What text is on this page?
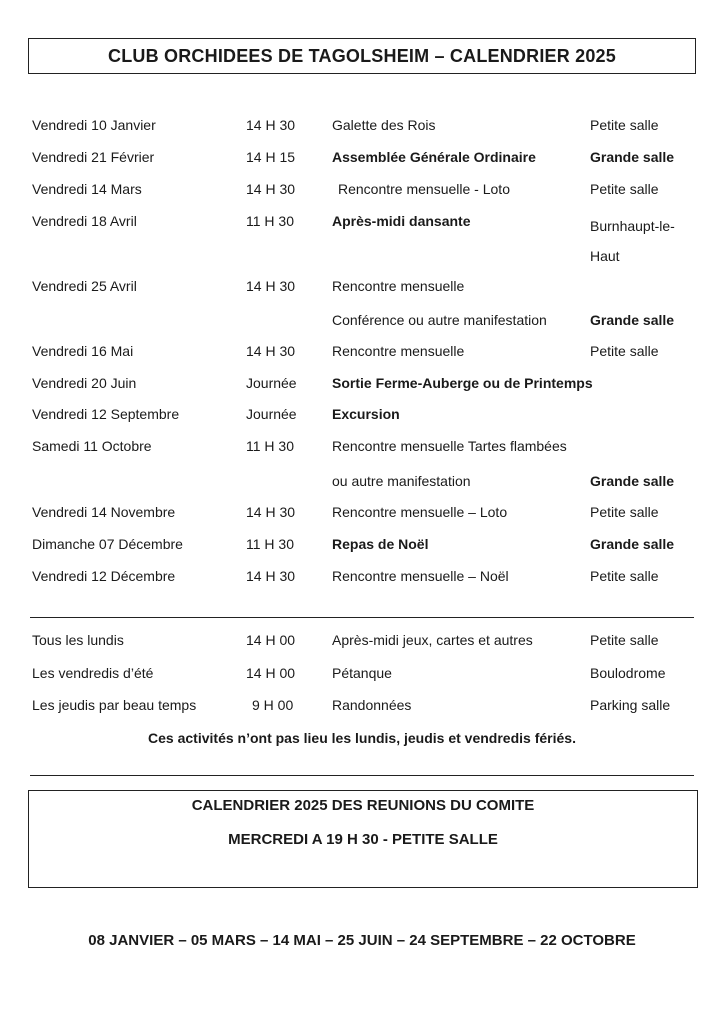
CLUB ORCHIDEES DE TAGOLSHEIM – CALENDRIER 2025
Vendredi 10 Janvier	14 H 30	Galette des Rois	Petite salle
Vendredi 21 Février	14 H 15	Assemblée Générale Ordinaire	Grande salle
Vendredi 14 Mars	14 H 30	Rencontre mensuelle - Loto	Petite salle
Vendredi 18 Avril	11 H 30	Après-midi dansante	Burnhaupt-le-
Haut
Vendredi 25 Avril	14 H 30	Rencontre mensuelle
Conférence ou autre manifestation	Grande salle
Vendredi 16 Mai	14 H 30	Rencontre mensuelle	Petite salle
Vendredi 20 Juin	Journée	Sortie Ferme-Auberge ou de Printemps
Vendredi 12 Septembre	Journée	Excursion
Samedi 11 Octobre	11 H 30	Rencontre mensuelle Tartes flambées
ou autre manifestation	Grande salle
Vendredi 14 Novembre	14 H 30	Rencontre mensuelle – Loto	Petite salle
Dimanche 07 Décembre	11 H 30	Repas de Noël	Grande salle
Vendredi 12 Décembre	14 H 30	Rencontre mensuelle – Noël	Petite salle
Tous les lundis	14 H 00	Après-midi jeux, cartes et autres	Petite salle
Les vendredis d’été	14 H 00	Pétanque	Boulodrome
Les jeudis par beau temps	9 H 00	Randonnées	Parking salle
Ces activités n’ont pas lieu les lundis, jeudis et vendredis fériés.
CALENDRIER 2025 DES REUNIONS DU COMITE
MERCREDI A 19 H 30 - PETITE SALLE
08 JANVIER – 05 MARS – 14 MAI – 25 JUIN – 24 SEPTEMBRE – 22 OCTOBRE
